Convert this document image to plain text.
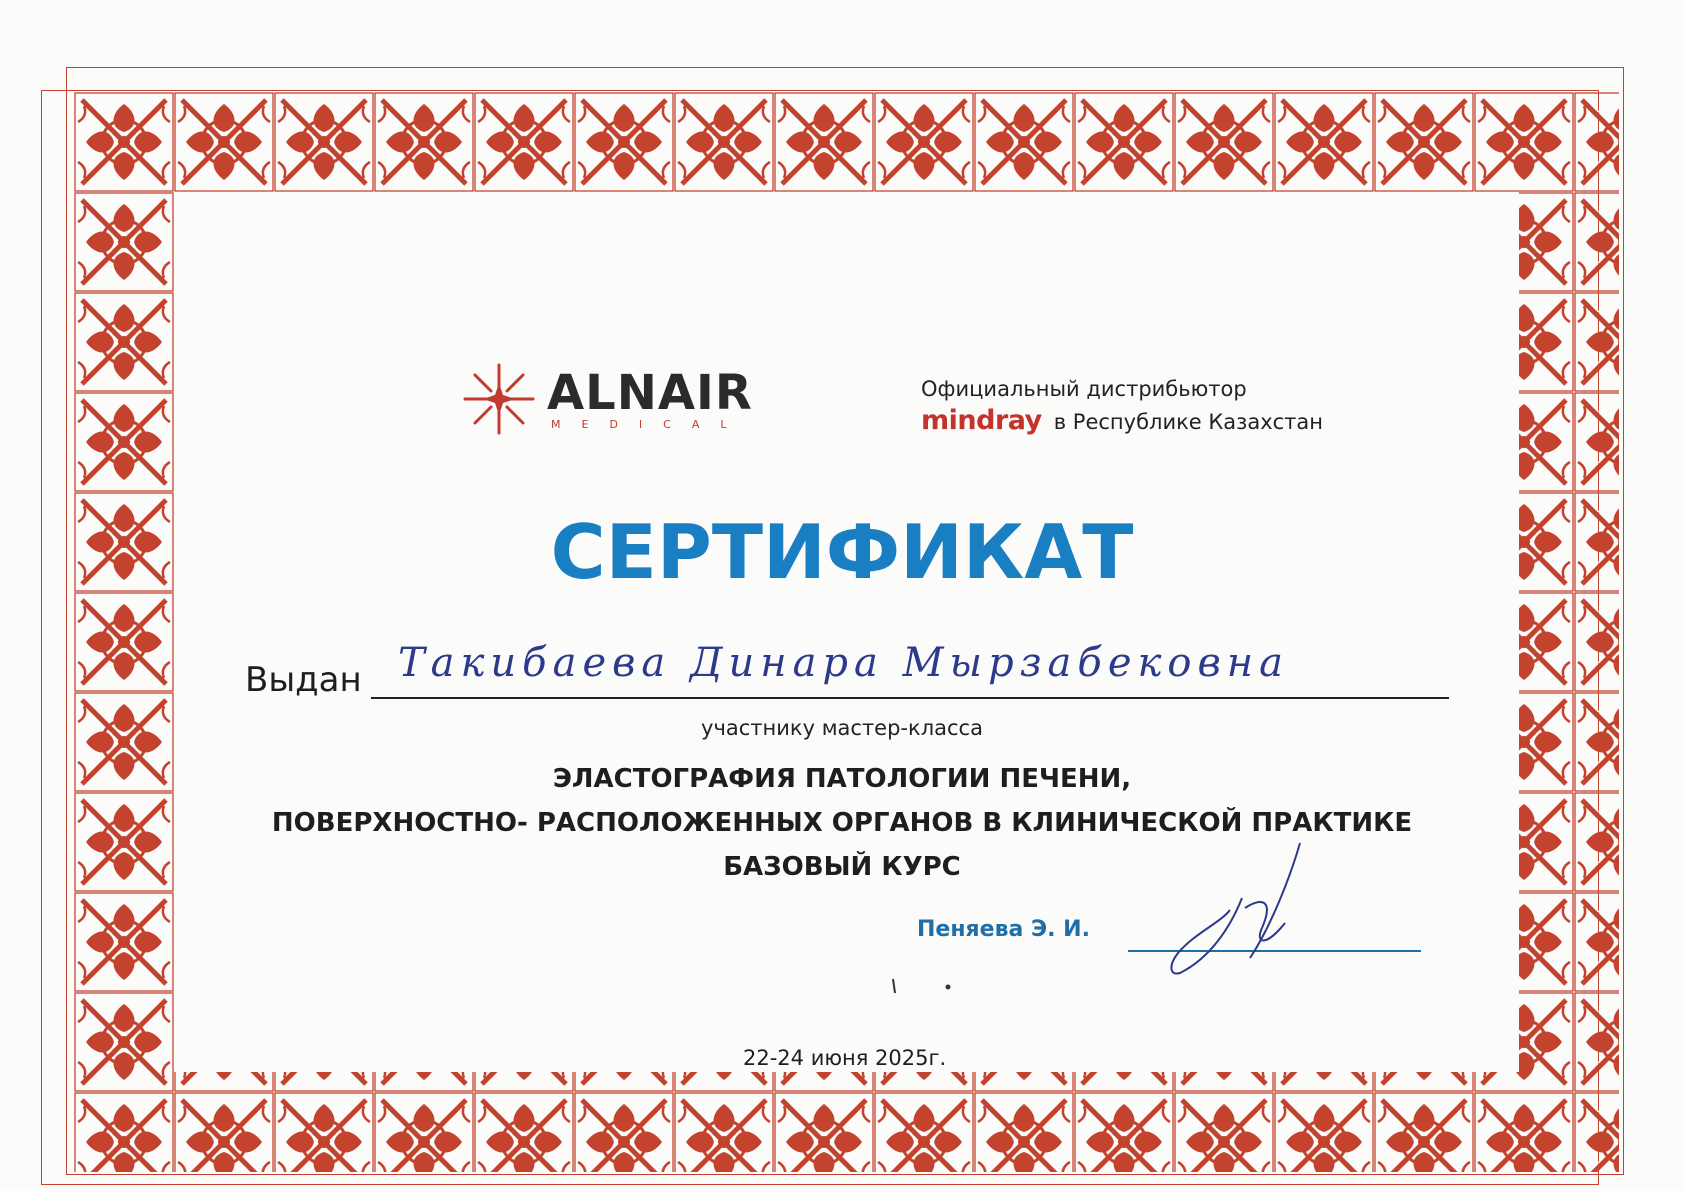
ALNAIR
MEDICAL
Официальный дистрибьютор
mindray в Республике Казахстан
СЕРТИФИКАТ
Выдан Такибаева Динара Мырзабековна
участнику мастер-класса
ЭЛАСТОГРАФИЯ ПАТОЛОГИИ ПЕЧЕНИ,
ПОВЕРХНОСТНО- РАСПОЛОЖЕННЫХ ОРГАНОВ В КЛИНИЧЕСКОЙ ПРАКТИКЕ
БАЗОВЫЙ КУРС
Пеняева Э. И.
22-24 июня 2025г.
